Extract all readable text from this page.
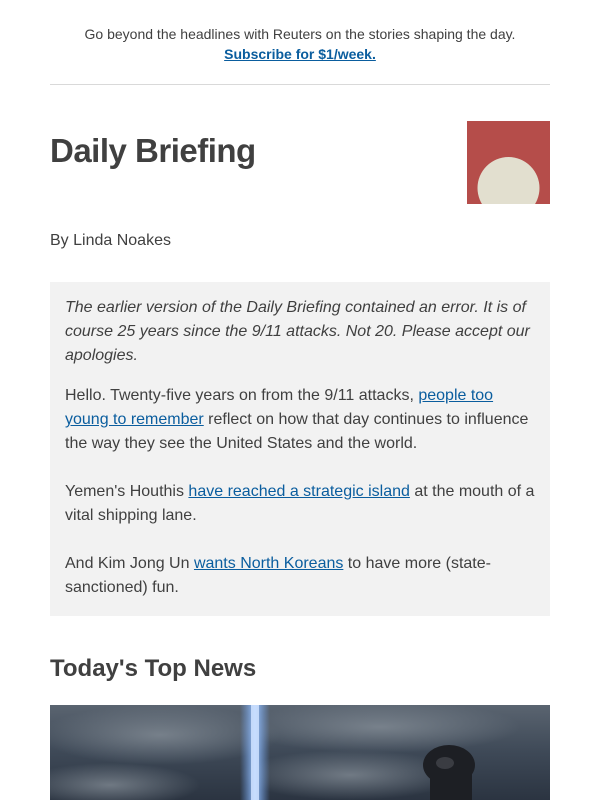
Go beyond the headlines with Reuters on the stories shaping the day.
Subscribe for $1/week.
Daily Briefing
By Linda Noakes

The earlier version of the Daily Briefing contained an error. It is of course 25 years since the 9/11 attacks. Not 20. Please accept our apologies.

Hello. Twenty-five years on from the 9/11 attacks, people too young to remember reflect on how that day continues to influence the way they see the United States and the world.

Yemen's Houthis have reached a strategic island at the mouth of a vital shipping lane.

And Kim Jong Un wants North Koreans to have more (state-sanctioned) fun.

Today's Top News
